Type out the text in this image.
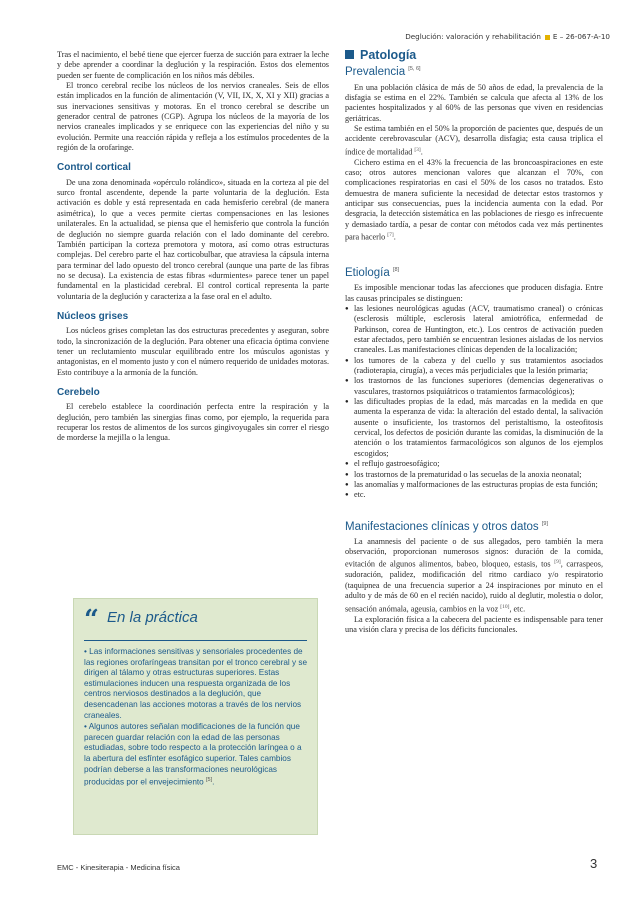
Deglución: valoración y rehabilitación E – 26-067-A-10

Tras el nacimiento, el bebé tiene que ejercer fuerza de succión para extraer la leche y debe aprender a coordinar la deglución y la respiración. Estos dos elementos pueden ser fuente de complicación en los niños más débiles.

El tronco cerebral recibe los núcleos de los nervios craneales. Seis de ellos están implicados en la función de alimentación (V, VII, IX, X, XI y XII) gracias a sus inervaciones sensitivas y motoras. En el tronco cerebral se describe un generador central de patrones (CGP). Agrupa los núcleos de la mayoría de los nervios craneales implicados y se enriquece con las experiencias del niño y su evolución. Permite una reacción rápida y refleja a los estímulos procedentes de la región de la orofaringe.

Control cortical

De una zona denominada «opérculo rolándico», situada en la corteza al pie del surco frontal ascendente, depende la parte voluntaria de la deglución. Esta activación es doble y está representada en cada hemisferio cerebral (de manera asimétrica), lo que a veces permite ciertas compensaciones en las lesiones unilaterales. En la actualidad, se piensa que el hemisferio que controla la función de deglución no siempre guarda relación con el lado dominante del cerebro. También participan la corteza premotora y motora, así como otras estructuras complejas. Del cerebro parte el haz corticobulbar, que atraviesa la cápsula interna para terminar del lado opuesto del tronco cerebral (aunque una parte de las fibras no se decusa). La existencia de estas fibras «durmientes» parece tener un papel fundamental en la plasticidad cerebral. El control cortical representa la parte voluntaria de la deglución y caracteriza a la fase oral en el adulto.

Núcleos grises

Los núcleos grises completan las dos estructuras precedentes y aseguran, sobre todo, la sincronización de la deglución. Para obtener una eficacia óptima conviene tener un reclutamiento muscular equilibrado entre los músculos agonistas y antagonistas, en el momento justo y con el número requerido de unidades motoras. Esto contribuye a la armonía de la función.

Cerebelo

El cerebelo establece la coordinación perfecta entre la respiración y la deglución, pero también las sinergias finas como, por ejemplo, la requerida para recuperar los restos de alimentos de los surcos gingivoyugales sin correr el riesgo de morderse la mejilla o la lengua.

“ En la práctica

• Las informaciones sensitivas y sensoriales procedentes de las regiones orofaríngeas transitan por el tronco cerebral y se dirigen al tálamo y otras estructuras superiores. Estas estimulaciones inducen una respuesta organizada de los centros nerviosos destinados a la deglución, que desencadenan las acciones motoras a través de los nervios craneales.

• Algunos autores señalan modificaciones de la función que parecen guardar relación con la edad de las personas estudiadas, sobre todo respecto a la protección laríngea o a la abertura del esfínter esofágico superior. Tales cambios podrían deberse a las transformaciones neurológicas producidas por el envejecimiento [5].

Patología
Prevalencia [5, 6]

En una población clásica de más de 50 años de edad, la prevalencia de la disfagia se estima en el 22%. También se calcula que afecta al 13% de los pacientes hospitalizados y al 60% de las personas que viven en residencias geriátricas.

Se estima también en el 50% la proporción de pacientes que, después de un accidente cerebrovascular (ACV), desarrolla disfagia; esta causa triplica el índice de mortalidad [3].

Cichero estima en el 43% la frecuencia de las broncoaspiraciones en este caso; otros autores mencionan valores que alcanzan el 70%, con complicaciones respiratorias en casi el 50% de los casos no tratados. Esto demuestra de manera suficiente la necesidad de detectar estos trastornos y anticipar sus consecuencias, pues la incidencia aumenta con la edad. Por desgracia, la detección sistemática en las poblaciones de riesgo es infrecuente y demasiado tardía, a pesar de contar con métodos cada vez más pertinentes para hacerlo [7].

Etiología [8]

Es imposible mencionar todas las afecciones que producen disfagia. Entre las causas principales se distinguen:

● las lesiones neurológicas agudas (ACV, traumatismo craneal) o crónicas (esclerosis múltiple, esclerosis lateral amiotrófica, enfermedad de Parkinson, corea de Huntington, etc.). Los centros de activación pueden estar afectados, pero también se encuentran lesiones aisladas de los nervios craneales. Las manifestaciones clínicas dependen de la localización;
● los tumores de la cabeza y del cuello y sus tratamientos asociados (radioterapia, cirugía), a veces más perjudiciales que la lesión primaria;
● los trastornos de las funciones superiores (demencias degenerativas o vasculares, trastornos psiquiátricos o tratamientos farmacológicos);
● las dificultades propias de la edad, más marcadas en la medida en que aumenta la esperanza de vida: la alteración del estado dental, la salivación ausente o insuficiente, los trastornos del peristaltismo, la osteofitosis cervical, los defectos de posición durante las comidas, la disminución de la atención o los tratamientos farmacológicos son algunos de los ejemplos escogidos;
● el reflujo gastroesofágico;
● los trastornos de la prematuridad o las secuelas de la anoxia neonatal;
● las anomalías y malformaciones de las estructuras propias de esta función;
● etc.
Manifestaciones clínicas y otros datos [9]

La anamnesis del paciente o de sus allegados, pero también la mera observación, proporcionan numerosos signos: duración de la comida, evitación de algunos alimentos, babeo, bloqueo, estasis, tos [9], carraspeos, sudoración, palidez, modificación del ritmo cardiaco y/o respiratorio (taquipnea de una frecuencia superior a 24 inspiraciones por minuto en el adulto y de más de 60 en el recién nacido), ruido al deglutir, molestia o dolor, sensación anómala, ageusia, cambios en la voz [10], etc.

La exploración física a la cabecera del paciente es indispensable para tener una visión clara y precisa de los déficits funcionales.

EMC - Kinesiterapia - Medicina física	3
